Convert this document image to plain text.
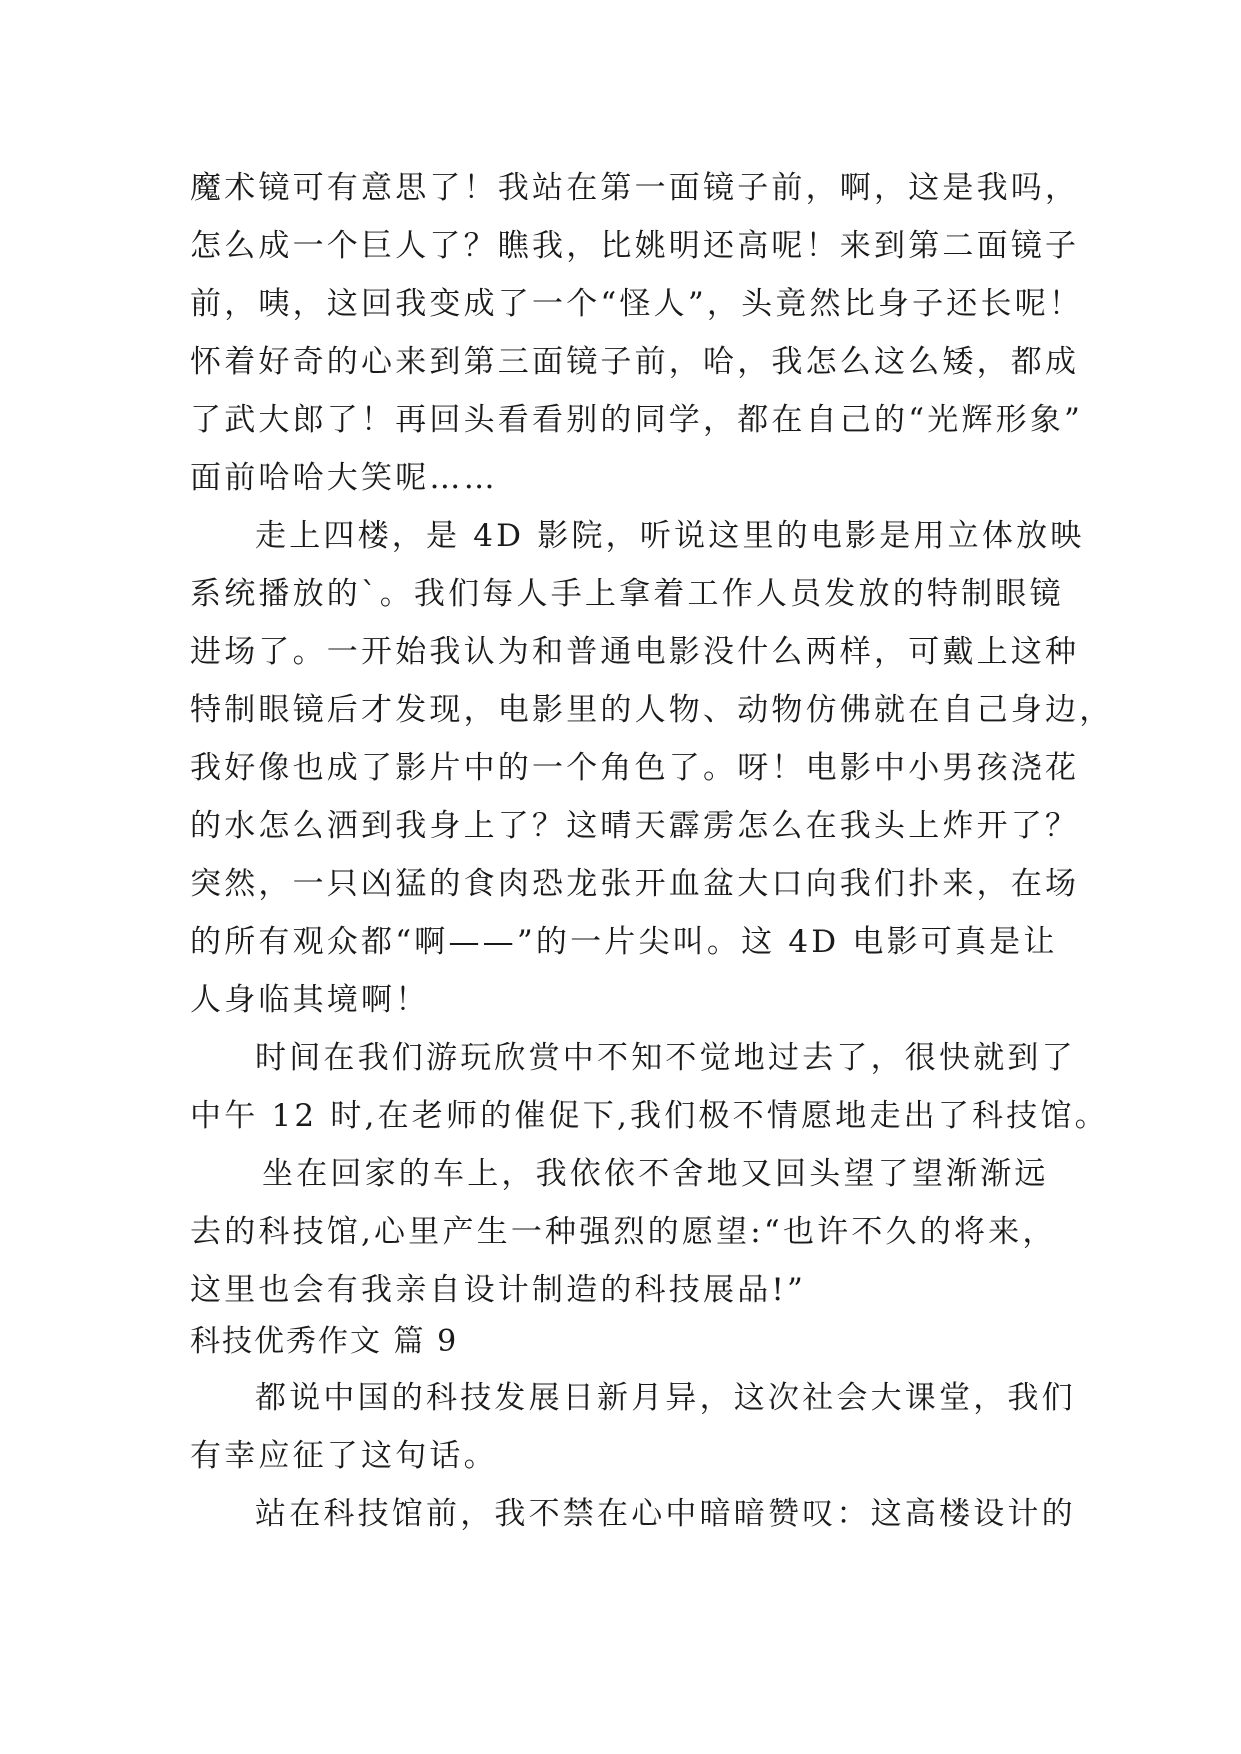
魔术镜可有意思了！我站在第一面镜子前，啊，这是我吗，
怎么成一个巨人了？瞧我，比姚明还高呢！来到第二面镜子
前，咦，这回我变成了一个“怪人”，头竟然比身子还长呢！
怀着好奇的心来到第三面镜子前，哈，我怎么这么矮，都成
了武大郎了！再回头看看别的同学，都在自己的“光辉形象”
面前哈哈大笑呢……
走上四楼，是 4D 影院，听说这里的电影是用立体放映
系统播放的`。我们每人手上拿着工作人员发放的特制眼镜
进场了。一开始我认为和普通电影没什么两样，可戴上这种
特制眼镜后才发现，电影里的人物、动物仿佛就在自己身边，
我好像也成了影片中的一个角色了。呀！电影中小男孩浇花
的水怎么洒到我身上了？这晴天霹雳怎么在我头上炸开了？
突然，一只凶猛的食肉恐龙张开血盆大口向我们扑来，在场
的所有观众都“啊——”的一片尖叫。这 4D 电影可真是让
人身临其境啊！
时间在我们游玩欣赏中不知不觉地过去了，很快就到了
中午 12 时,在老师的催促下,我们极不情愿地走出了科技馆。
坐在回家的车上，我依依不舍地又回头望了望渐渐远
去的科技馆,心里产生一种强烈的愿望:“也许不久的将来，
这里也会有我亲自设计制造的科技展品!”
科技优秀作文 篇 9
都说中国的科技发展日新月异，这次社会大课堂，我们
有幸应征了这句话。
站在科技馆前，我不禁在心中暗暗赞叹：这高楼设计的
